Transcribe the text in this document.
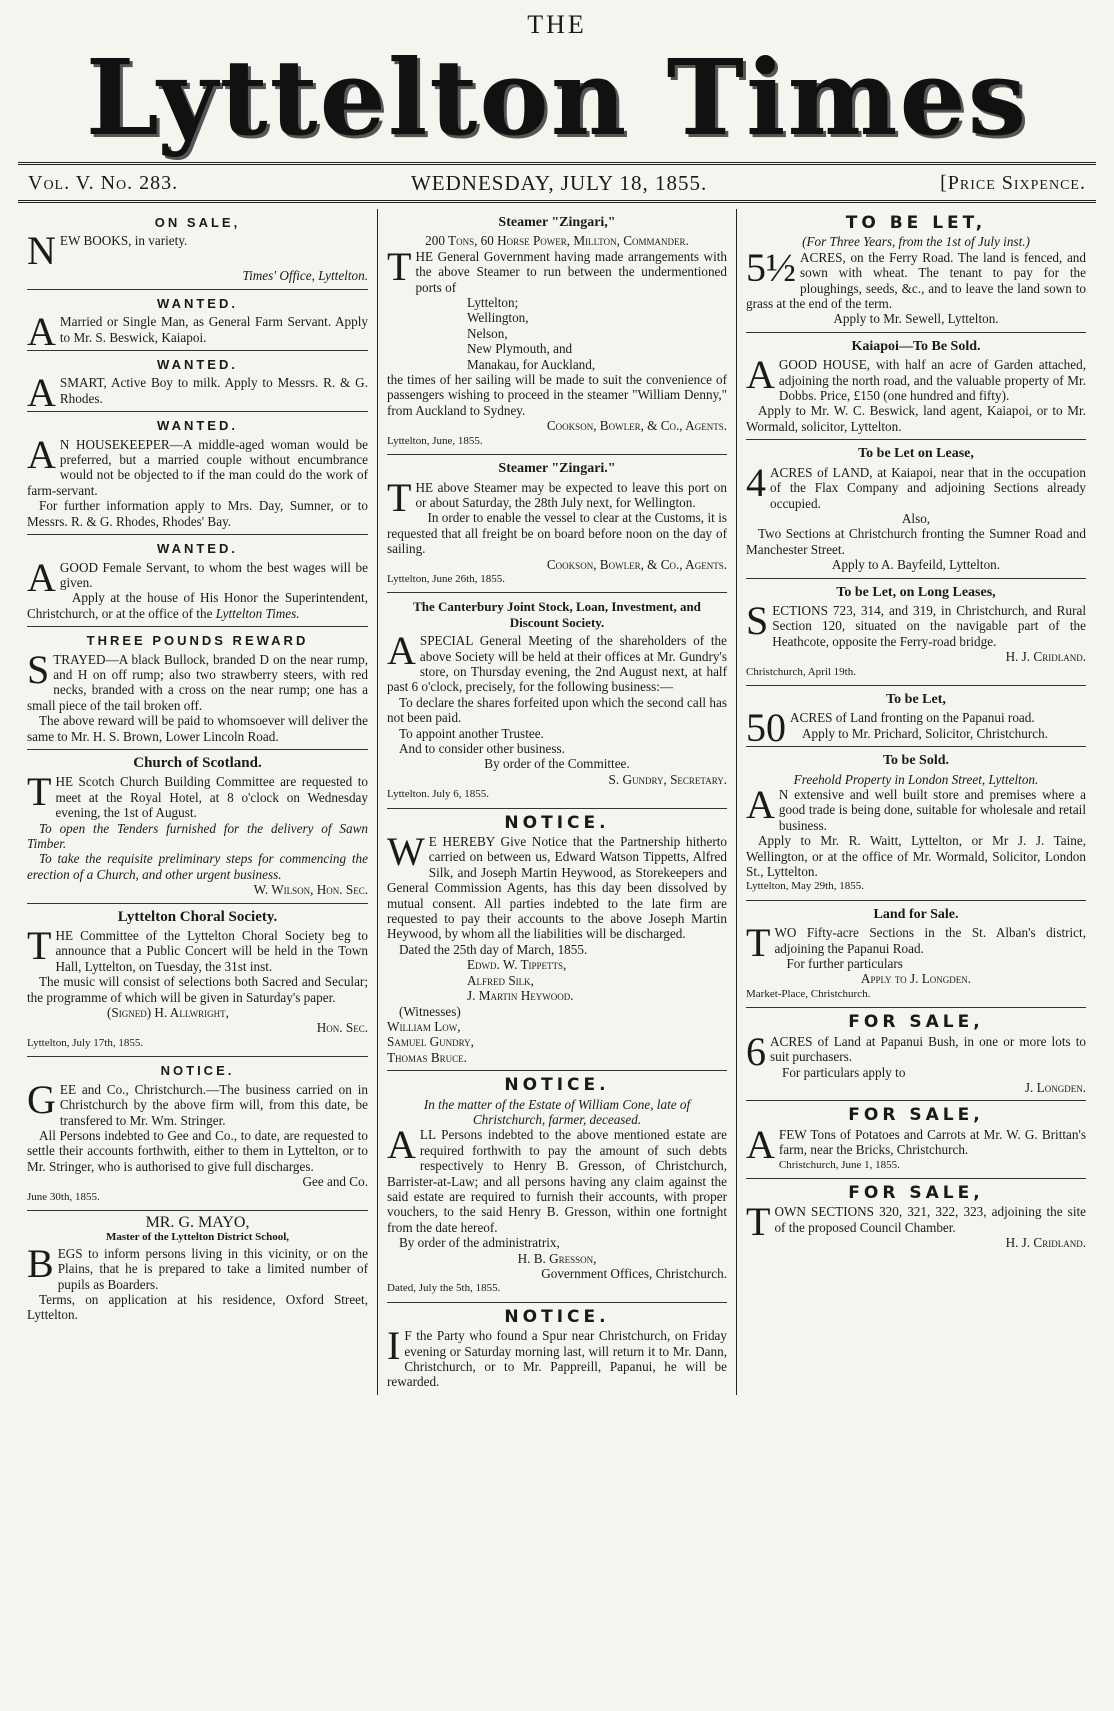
THE
Lyttelton Times
Vol. V. No. 283.	WEDNESDAY, JULY 18, 1855.	[Price Sixpence.
ON SALE,

NEW BOOKS, in variety.

Times' Office, Lyttelton.

WANTED.

A Married or Single Man, as General Farm Servant. Apply to Mr. S. Beswick, Kaiapoi.

WANTED.

ASMART, Active Boy to milk. Apply to Messrs. R. & G. Rhodes.

WANTED.

A N HOUSEKEEPER—A middle-aged woman would be preferred, but a married couple without encumbrance would not be objected to if the man could do the work of farm-servant.

For further information apply to Mrs. Day, Sumner, or to Messrs. R. & G. Rhodes, Rhodes' Bay.

WANTED.

AGOOD Female Servant, to whom the best wages will be given.

Apply at the house of His Honor the Superintendent, Christchurch, or at the office of the Lyttelton Times.

THREE POUNDS REWARD

STRAYED—A black Bullock, branded D on the near rump, and H on off rump; also two strawberry steers, with red necks, branded with a cross on the near rump; one has a small piece of the tail broken off.

The above reward will be paid to whomsoever will deliver the same to Mr. H. S. Brown, Lower Lincoln Road.

Church of Scotland.

THE Scotch Church Building Committee are requested to meet at the Royal Hotel, at 8 o'clock on Wednesday evening, the 1st of August.

To open the Tenders furnished for the delivery of Sawn Timber.

To take the requisite preliminary steps for commencing the erection of a Church, and other urgent business.

W. Wilson, Hon. Sec.

Lyttelton Choral Society.

THE Committee of the Lyttelton Choral Society beg to announce that a Public Concert will be held in the Town Hall, Lyttelton, on Tuesday, the 31st inst.

The music will consist of selections both Sacred and Secular; the programme of which will be given in Saturday's paper.

(Signed) H. Allwright,

Hon. Sec.

Lyttelton, July 17th, 1855.

NOTICE.

GEE and Co., Christchurch.—The business carried on in Christchurch by the above firm will, from this date, be transfered to Mr. Wm. Stringer.

All Persons indebted to Gee and Co., to date, are requested to settle their accounts forthwith, either to them in Lyttelton, or to Mr. Stringer, who is authorised to give full discharges.

Gee and Co.

June 30th, 1855.

MR. G. MAYO,

Master of the Lyttelton District School,

BEGS to inform persons living in this vicinity, or on the Plains, that he is prepared to take a limited number of pupils as Boarders.

Terms, on application at his residence, Oxford Street, Lyttelton.

Steamer "Zingari,"

200 Tons, 60 Horse Power, Millton, Commander.

THE General Government having made arrangements with the above Steamer to run between the undermentioned ports of

Lyttelton;
Wellington,
Nelson,
New Plymouth, and
Manakau, for Auckland,

the times of her sailing will be made to suit the convenience of passengers wishing to proceed in the steamer "William Denny," from Auckland to Sydney.

Cookson, Bowler, & Co., Agents.

Lyttelton, June, 1855.

Steamer "Zingari."

THE above Steamer may be expected to leave this port on or about Saturday, the 28th July next, for Wellington.

In order to enable the vessel to clear at the Customs, it is requested that all freight be on board before noon on the day of sailing.

Cookson, Bowler, & Co., Agents.

Lyttelton, June 26th, 1855.

The Canterbury Joint Stock, Loan, Investment, and Discount Society.

ASPECIAL General Meeting of the shareholders of the above Society will be held at their offices at Mr. Gundry's store, on Thursday evening, the 2nd August next, at half past 6 o'clock, precisely, for the following business:—

To declare the shares forfeited upon which the second call has not been paid.

To appoint another Trustee.

And to consider other business.

By order of the Committee.

S. Gundry, Secretary.

Lyttelton. July 6, 1855.

NOTICE.

W E HEREBY Give Notice that the Partnership hitherto carried on between us, Edward Watson Tippetts, Alfred Silk, and Joseph Martin Heywood, as Storekeepers and General Commission Agents, has this day been dissolved by mutual consent. All parties indebted to the late firm are requested to pay their accounts to the above Joseph Martin Heywood, by whom all the liabilities will be discharged.

Dated the 25th day of March, 1855.

Edwd. W. Tippetts,

Alfred Silk,

J. Martin Heywood.

(Witnesses)

William Low,

Samuel Gundry,

Thomas Bruce.

NOTICE.

In the matter of the Estate of William Cone, late of Christchurch, farmer, deceased.

ALL Persons indebted to the above mentioned estate are required forthwith to pay the amount of such debts respectively to Henry B. Gresson, of Christchurch, Barrister-at-Law; and all persons having any claim against the said estate are required to furnish their accounts, with proper vouchers, to the said Henry B. Gresson, within one fortnight from the date hereof.

By order of the administratrix,

H. B. Gresson,

Government Offices, Christchurch.

Dated, July the 5th, 1855.

NOTICE.

I F the Party who found a Spur near Christchurch, on Friday evening or Saturday morning last, will return it to Mr. Dann, Christchurch, or to Mr. Pappreill, Papanui, he will be rewarded.

TO BE LET,

(For Three Years, from the 1st of July inst.)

5½ ACRES, on the Ferry Road. The land is fenced, and sown with wheat. The tenant to pay for the ploughings, seeds, &c., and to leave the land sown to grass at the end of the term.

Apply to Mr. Sewell, Lyttelton.

Kaiapoi—To Be Sold.

AGOOD HOUSE, with half an acre of Garden attached, adjoining the north road, and the valuable property of Mr. Dobbs. Price, £150 (one hundred and fifty).

Apply to Mr. W. C. Beswick, land agent, Kaiapoi, or to Mr. Wormald, solicitor, Lyttelton.

To be Let on Lease,

4 ACRES of LAND, at Kaiapoi, near that in the occupation of the Flax Company and adjoining Sections already occupied.

Also,

Two Sections at Christchurch fronting the Sumner Road and Manchester Street.

Apply to A. Bayfeild, Lyttelton.

To be Let, on Long Leases,

SECTIONS 723, 314, and 319, in Christchurch, and Rural Section 120, situated on the navigable part of the Heathcote, opposite the Ferry-road bridge.

H. J. Cridland.

Christchurch, April 19th.

To be Let,

50 ACRES of Land fronting on the Papanui road.

Apply to Mr. Prichard, Solicitor, Christchurch.

To be Sold.

Freehold Property in London Street, Lyttelton.

A N extensive and well built store and premises where a good trade is being done, suitable for wholesale and retail business.

Apply to Mr. R. Waitt, Lyttelton, or Mr J. J. Taine, Wellington, or at the office of Mr. Wormald, Solicitor, London St., Lyttelton.

Lyttelton, May 29th, 1855.

Land for Sale.

TWO Fifty-acre Sections in the St. Alban's district, adjoining the Papanui Road.

For further particulars

Apply to J. Longden.

Market-Place, Christchurch.

FOR SALE,

6 ACRES of Land at Papanui Bush, in one or more lots to suit purchasers.

For particulars apply to

J. Longden.

FOR SALE,

AFEW Tons of Potatoes and Carrots at Mr. W. G. Brittan's farm, near the Bricks, Christchurch.

Christchurch, June 1, 1855.

FOR SALE,

TOWN SECTIONS 320, 321, 322, 323, adjoining the site of the proposed Council Chamber.

H. J. Cridland.
